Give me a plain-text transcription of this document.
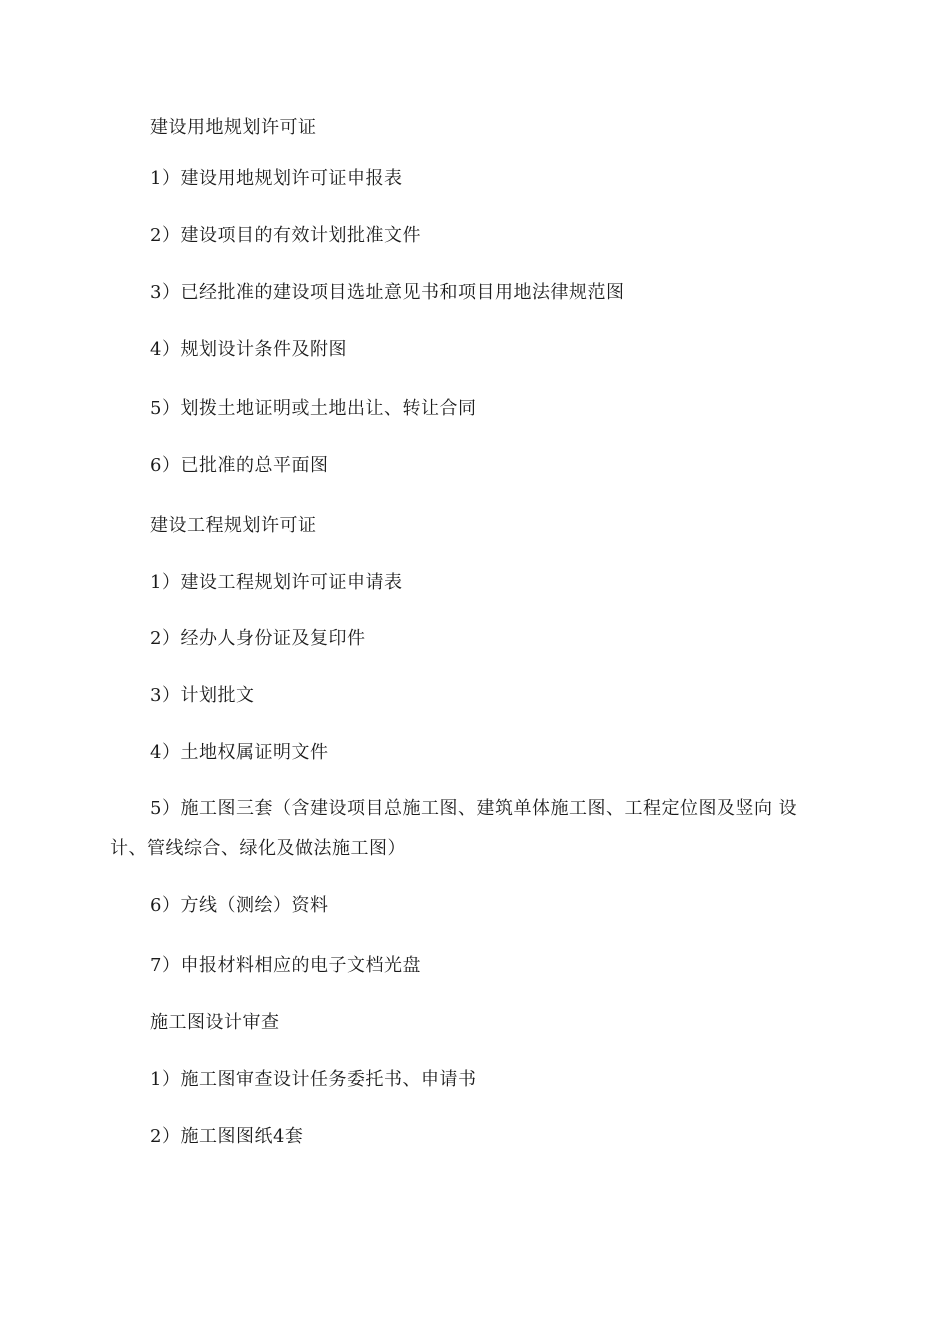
建设用地规划许可证
1）建设用地规划许可证申报表
2）建设项目的有效计划批准文件
3）已经批准的建设项目选址意见书和项目用地法律规范图
4）规划设计条件及附图
5）划拨土地证明或土地出让、转让合同
6）已批准的总平面图
建设工程规划许可证
1）建设工程规划许可证申请表
2）经办人身份证及复印件
3）计划批文
4）土地权属证明文件
5）施工图三套（含建设项目总施工图、建筑单体施工图、工程定位图及竖向 设
计、管线综合、绿化及做法施工图）
6）方线（测绘）资料
7）申报材料相应的电子文档光盘
施工图设计审查
1）施工图审查设计任务委托书、申请书
2）施工图图纸4套
